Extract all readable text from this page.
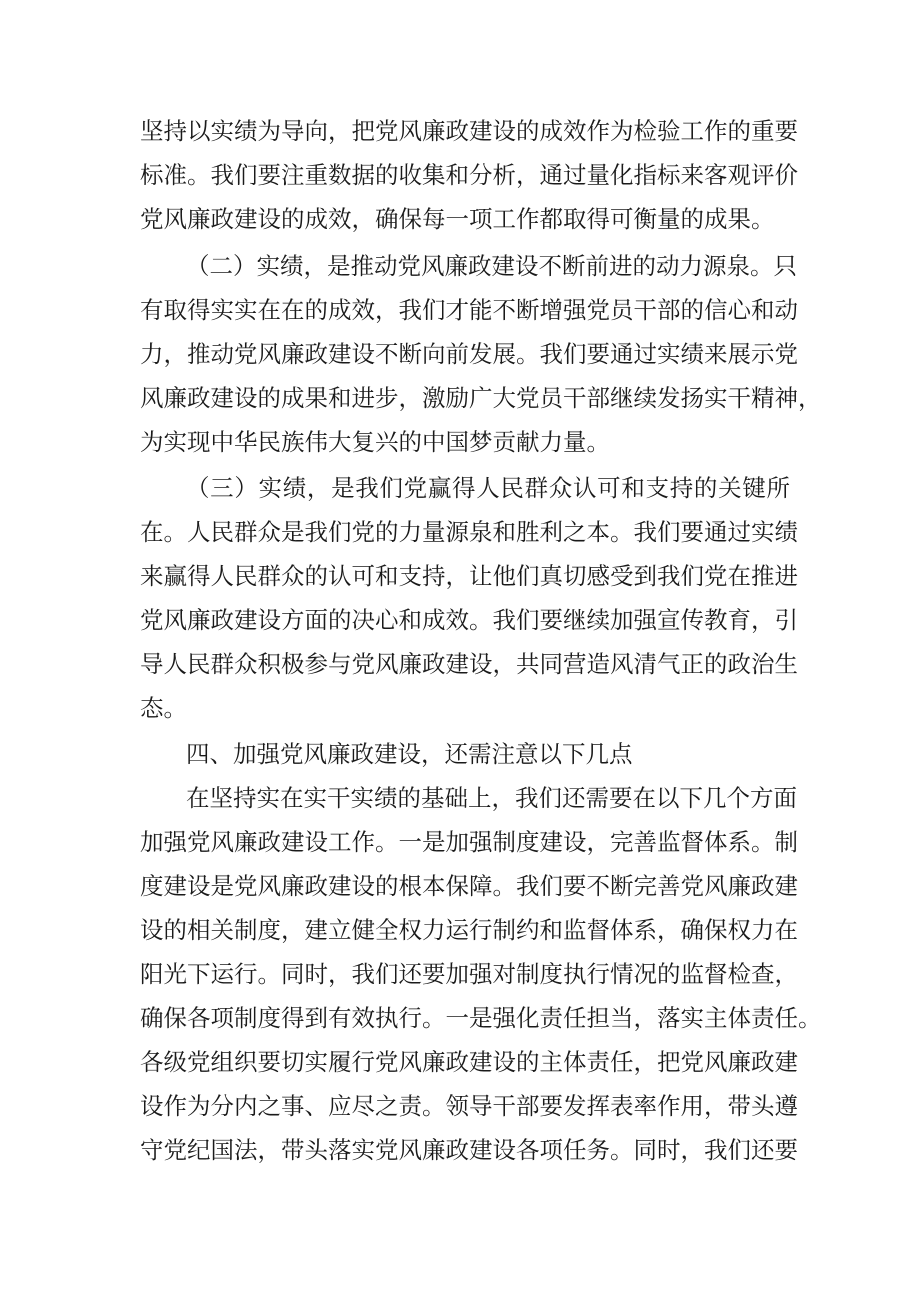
坚持以实绩为导向，把党风廉政建设的成效作为检验工作的重要
标准。我们要注重数据的收集和分析，通过量化指标来客观评价
党风廉政建设的成效，确保每一项工作都取得可衡量的成果。
（二）实绩，是推动党风廉政建设不断前进的动力源泉。只
有取得实实在在的成效，我们才能不断增强党员干部的信心和动
力，推动党风廉政建设不断向前发展。我们要通过实绩来展示党
风廉政建设的成果和进步，激励广大党员干部继续发扬实干精神，
为实现中华民族伟大复兴的中国梦贡献力量。
（三）实绩，是我们党赢得人民群众认可和支持的关键所
在。人民群众是我们党的力量源泉和胜利之本。我们要通过实绩
来赢得人民群众的认可和支持，让他们真切感受到我们党在推进
党风廉政建设方面的决心和成效。我们要继续加强宣传教育，引
导人民群众积极参与党风廉政建设，共同营造风清气正的政治生
态。
四、加强党风廉政建设，还需注意以下几点
在坚持实在实干实绩的基础上，我们还需要在以下几个方面
加强党风廉政建设工作。一是加强制度建设，完善监督体系。制
度建设是党风廉政建设的根本保障。我们要不断完善党风廉政建
设的相关制度，建立健全权力运行制约和监督体系，确保权力在
阳光下运行。同时，我们还要加强对制度执行情况的监督检查，
确保各项制度得到有效执行。一是强化责任担当，落实主体责任。
各级党组织要切实履行党风廉政建设的主体责任，把党风廉政建
设作为分内之事、应尽之责。领导干部要发挥表率作用，带头遵
守党纪国法，带头落实党风廉政建设各项任务。同时，我们还要
